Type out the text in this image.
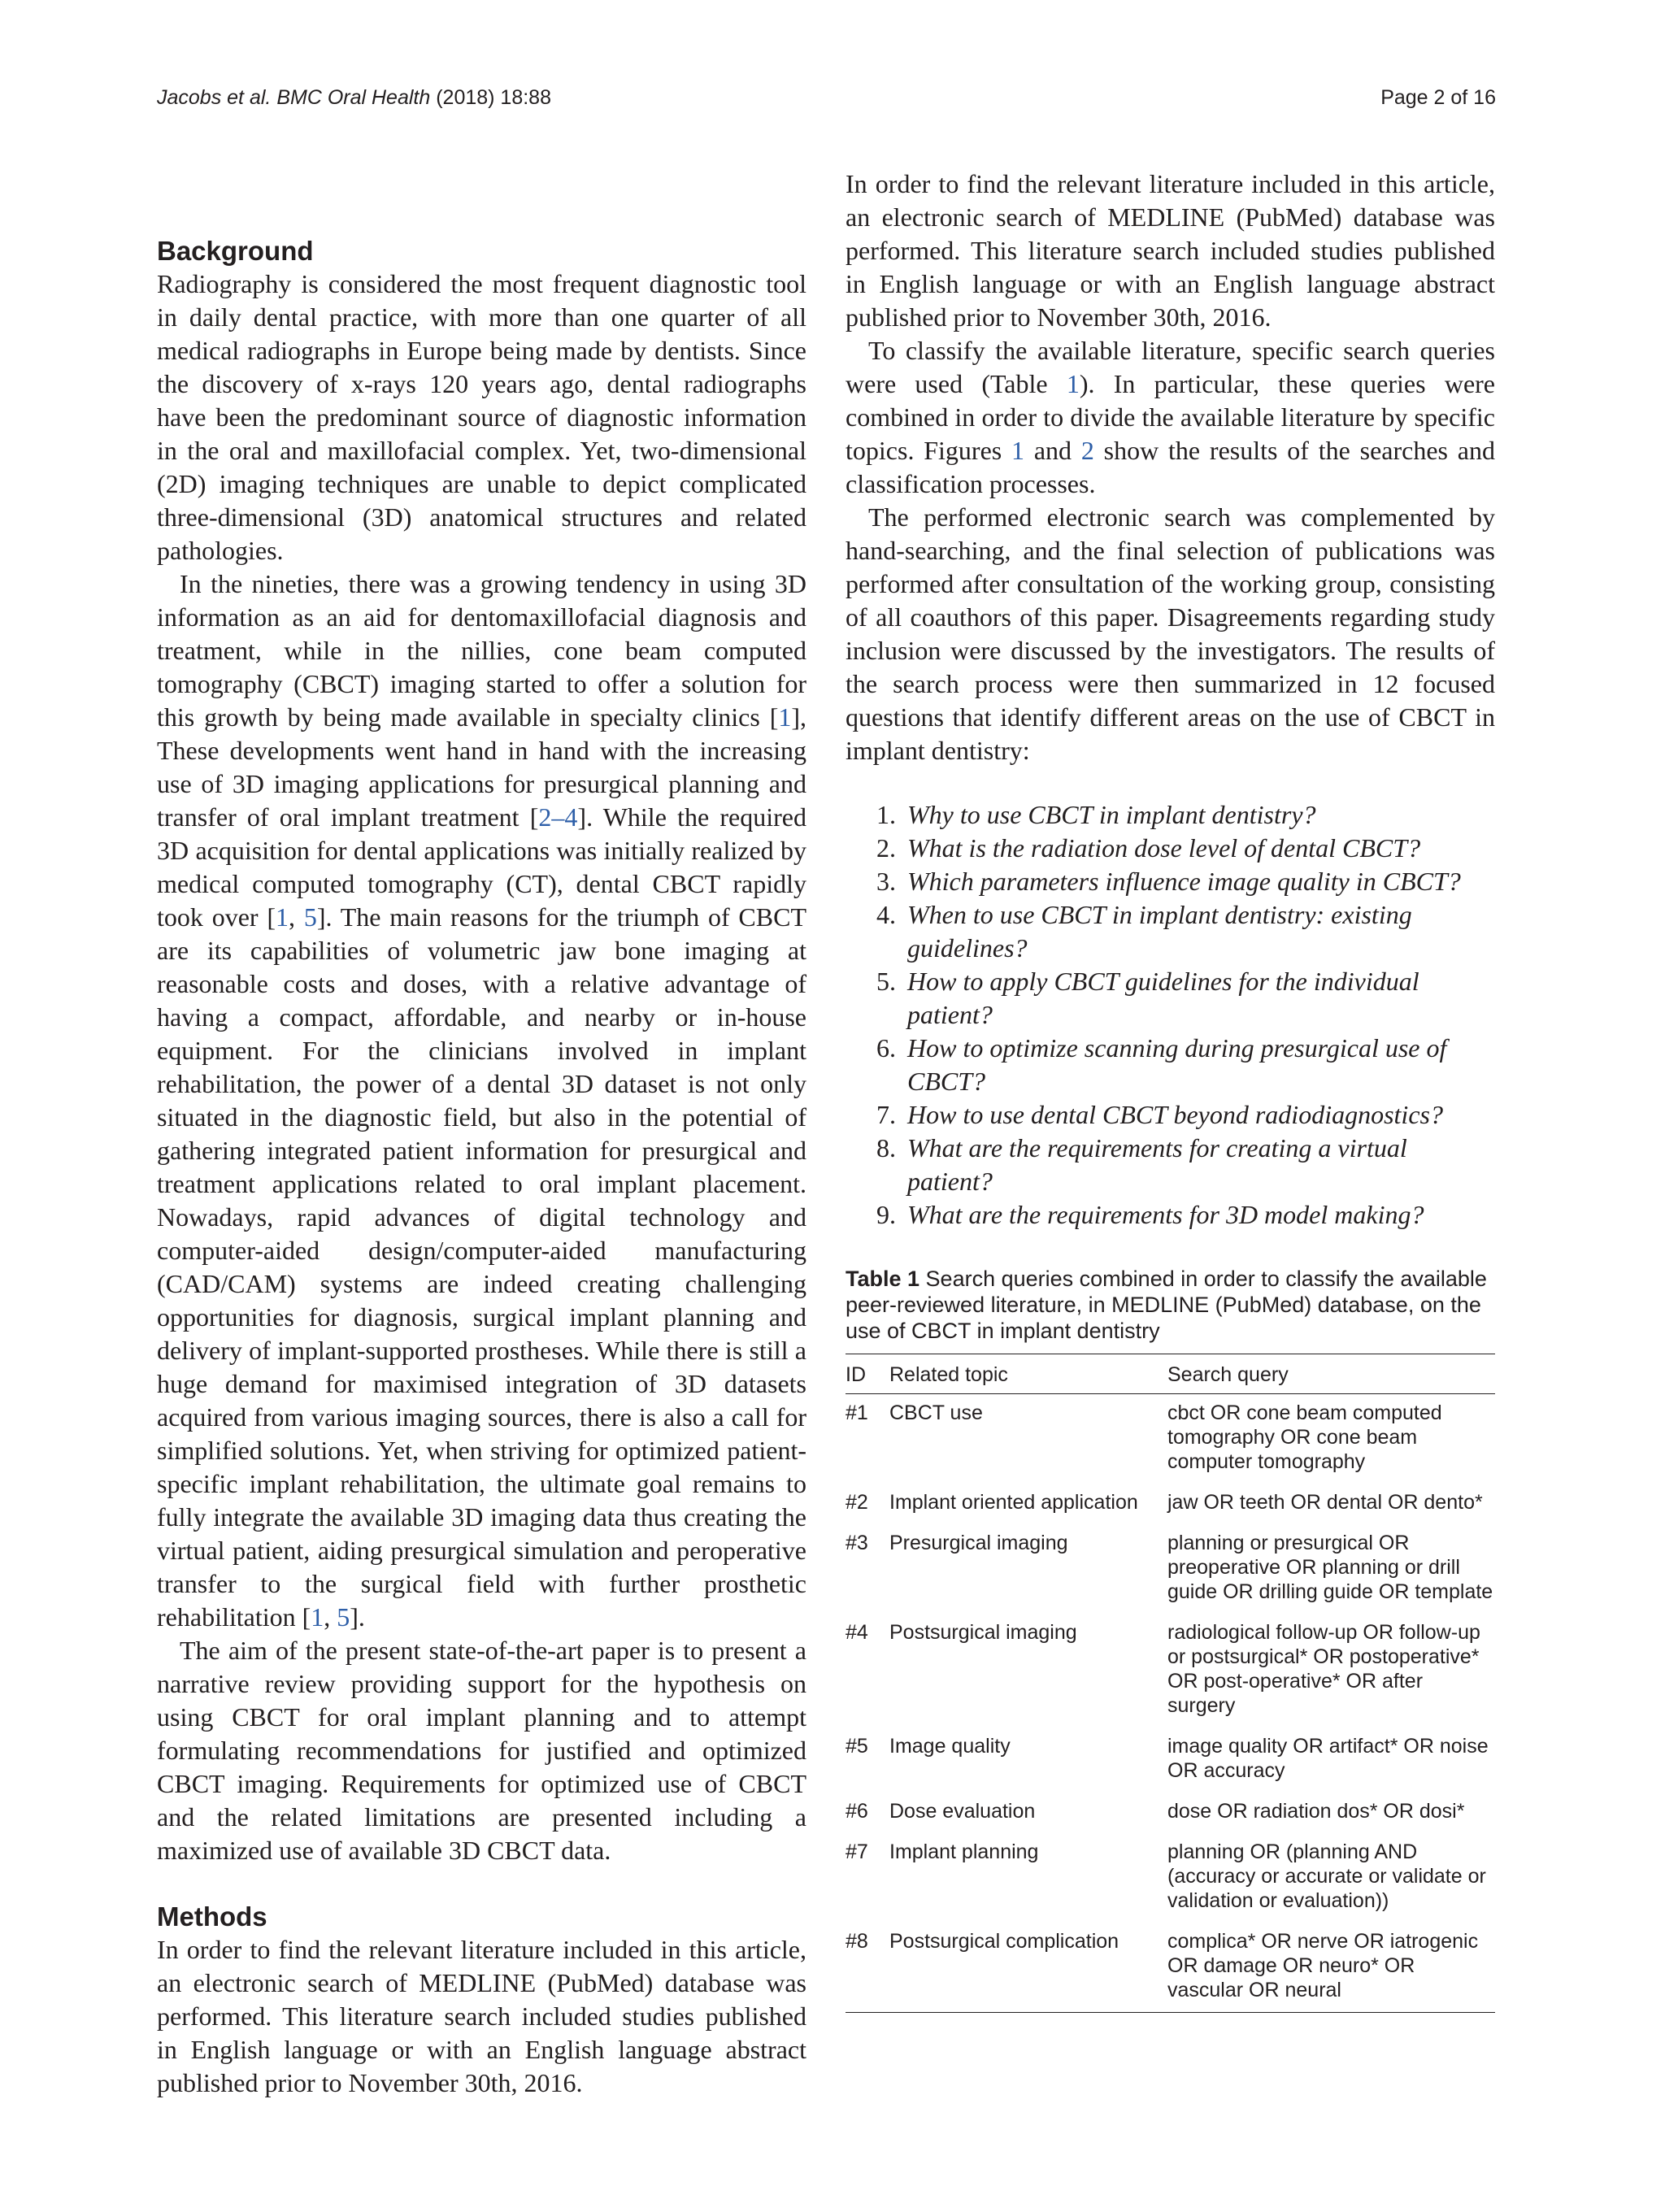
Jacobs et al. BMC Oral Health (2018) 18:88	Page 2 of 16
Background

Radiography is considered the most frequent diagnostic tool in daily dental practice, with more than one quarter of all medical radiographs in Europe being made by dentists. Since the discovery of x-rays 120 years ago, dental radiographs have been the predominant source of diagnostic information in the oral and maxillofacial complex. Yet, two-dimensional (2D) imaging techniques are unable to depict complicated three-dimensional (3D) anatomical structures and related pathologies.

In the nineties, there was a growing tendency in using 3D information as an aid for dentomaxillofacial diagnosis and treatment, while in the nillies, cone beam computed tomography (CBCT) imaging started to offer a solution for this growth by being made available in specialty clinics [1], These developments went hand in hand with the increasing use of 3D imaging applications for presurgical planning and transfer of oral implant treatment [2–4]. While the required 3D acquisition for dental applications was initially realized by medical computed tomography (CT), dental CBCT rapidly took over [1, 5]. The main reasons for the triumph of CBCT are its capabilities of volumetric jaw bone imaging at reasonable costs and doses, with a relative advantage of having a compact, affordable, and nearby or in-house equipment. For the clinicians involved in implant rehabilitation, the power of a dental 3D dataset is not only situated in the diagnostic field, but also in the potential of gathering integrated patient information for presurgical and treatment applications related to oral implant placement. Nowadays, rapid advances of digital technology and computer-aided design/computer-aided manufacturing (CAD/CAM) systems are indeed creating challenging opportunities for diagnosis, surgical implant planning and delivery of implant-supported prostheses. While there is still a huge demand for maximised integration of 3D datasets acquired from various imaging sources, there is also a call for simplified solutions. Yet, when striving for optimized patient-specific implant rehabilitation, the ultimate goal remains to fully integrate the available 3D imaging data thus creating the virtual patient, aiding presurgical simulation and peroperative transfer to the surgical field with further prosthetic rehabilitation [1, 5].

The aim of the present state-of-the-art paper is to present a narrative review providing support for the hypothesis on using CBCT for oral implant planning and to attempt formulating recommendations for justified and optimized CBCT imaging. Requirements for optimized use of CBCT and the related limitations are presented including a maximized use of available 3D CBCT data.

Methods

In order to find the relevant literature included in this article, an electronic search of MEDLINE (PubMed) database was performed. This literature search included studies published in English language or with an English language abstract published prior to November 30th, 2016.

In order to find the relevant literature included in this article, an electronic search of MEDLINE (PubMed) database was performed. This literature search included studies published in English language or with an English language abstract published prior to November 30th, 2016.

To classify the available literature, specific search queries were used (Table 1). In particular, these queries were combined in order to divide the available literature by specific topics. Figures 1 and 2 show the results of the searches and classification processes.

The performed electronic search was complemented by hand-searching, and the final selection of publications was performed after consultation of the working group, consisting of all coauthors of this paper. Disagreements regarding study inclusion were discussed by the investigators. The results of the search process were then summarized in 12 focused questions that identify different areas on the use of CBCT in implant dentistry:

1. Why to use CBCT in implant dentistry?
2. What is the radiation dose level of dental CBCT?
3. Which parameters influence image quality in CBCT?
4. When to use CBCT in implant dentistry: existing guidelines?
5. How to apply CBCT guidelines for the individual patient?
6. How to optimize scanning during presurgical use of CBCT?
7. How to use dental CBCT beyond radiodiagnostics?
8. What are the requirements for creating a virtual patient?
9. What are the requirements for 3D model making?
Table 1 Search queries combined in order to classify the available peer-reviewed literature, in MEDLINE (PubMed) database, on the use of CBCT in implant dentistry
ID	Related topic	Search query
#1	CBCT use	cbct OR cone beam computed tomography OR cone beam computer tomography
#2	Implant oriented application	jaw OR teeth OR dental OR dento*
#3	Presurgical imaging	planning or presurgical OR preoperative OR planning or drill guide OR drilling guide OR template
#4	Postsurgical imaging	radiological follow-up OR follow-up or postsurgical* OR postoperative* OR post-operative* OR after surgery
#5	Image quality	image quality OR artifact* OR noise OR accuracy
#6	Dose evaluation	dose OR radiation dos* OR dosi*
#7	Implant planning	planning OR (planning AND (accuracy or accurate or validate or validation or evaluation))
#8	Postsurgical complication	complica* OR nerve OR iatrogenic OR damage OR neuro* OR vascular OR neural
